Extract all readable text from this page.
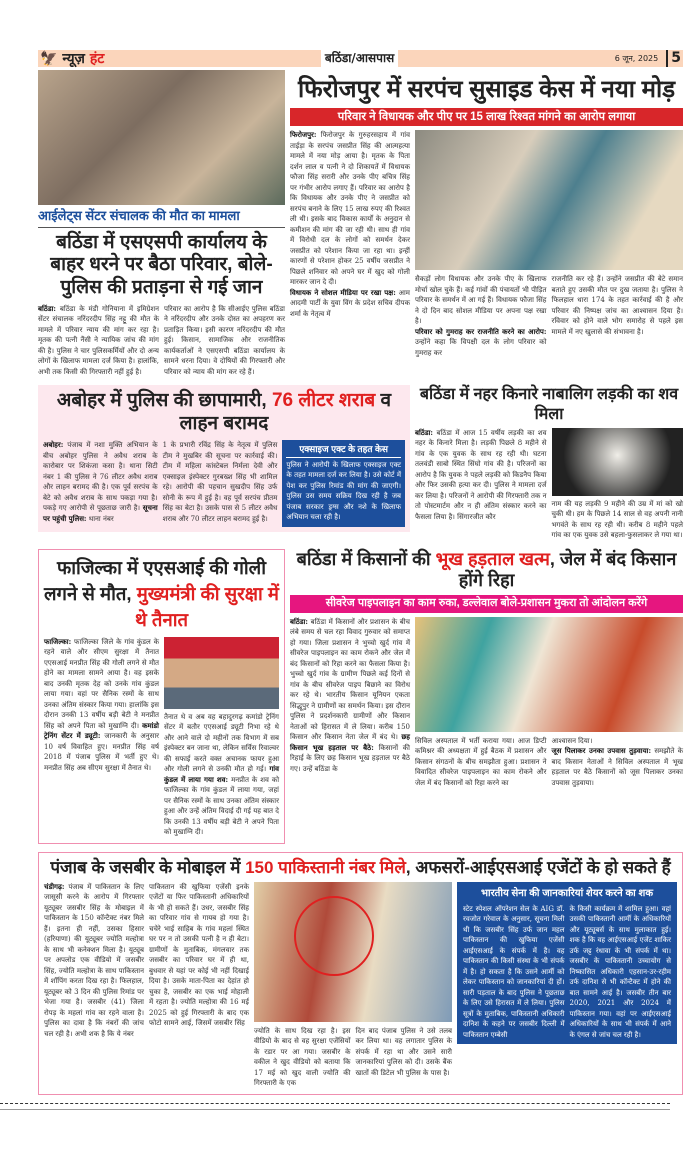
🦅 न्यूज़ हंट	बठिंडा/आसपास	6 जून, 2025 5
आईलेट्स सेंटर संचालक की मौत का मामला
बठिंडा में एसएसपी कार्यालय के बाहर धरने पर बैठा परिवार, बोले-पुलिस की प्रताड़ना से गई जान
बठिंडा: बठिंडा के मंडी गोनियाना में इमिग्रेशन सेंटर संचालक नरिंदरदीप सिंह नट्टू की मौत के मामले में परिवार न्याय की मांग कर रहा है। मृतक की पत्नी नैंसी ने न्यायिक जांच की मांग की है। पुलिस ने चार पुलिसकर्मियों और दो अन्य लोगों के खिलाफ मामला दर्ज किया है। हालांकि, अभी तक किसी की गिरफ्तारी नहीं हुई है।
परिवार का आरोप है कि सीआईए पुलिस बठिंडा ने नरिंदरदीप और उनके दोस्त का अपहरण कर प्रताड़ित किया। इसी कारण नरिंदरदीप की मौत हुई। किसान, सामाजिक और राजनीतिक कार्यकर्ताओं ने एसएसपी बठिंडा कार्यालय के सामने धरना दिया। वे दोषियों की गिरफ्तारी और परिवार को न्याय की मांग कर रहे हैं।
फिरोजपुर में सरपंच सुसाइड केस में नया मोड़
परिवार ने विधायक और पीए पर 15 लाख रिश्वत मांगने का आरोप लगाया
फिरोजपुर: फिरोजपुर के गुरुहरसहाय में गांव ताईड़ा के सरपंच जसप्रीत सिंह की आत्महत्या मामले में नया मोड़ आया है। मृतक के पिता दर्शन लाल व पत्नी ने दो शिकायतें में विधायक फौजा सिंह सरारी और उनके पीए बचित्र सिंह पर गंभीर आरोप लगाए हैं। परिवार का आरोप है कि विधायक और उनके पीए ने जसप्रीत को सरपंच बनाने के लिए 15 लाख रुपए की रिश्वत ली थी। इसके बाद विकास कार्यों के अनुदान से कमीशन की मांग की जा रही थी। साथ ही गांव में विरोधी दल के लोगों को समर्थन देकर जसप्रीत को परेशान किया जा रहा था। इन्हीं कारणों से परेशान होकर 25 वर्षीय जसप्रीत ने पिछले शनिवार को अपने घर में खुद को गोली मारकर जान दे दी।
विधायक ने सोशल मीडिया पर रखा पक्ष: आम आदमी पार्टी के युवा विंग के प्रदेश सचिव दीपक शर्मा के नेतृत्व में
सैकड़ों लोग विधायक और उनके पीए के खिलाफ मोर्चा खोल चुके हैं। कई गांवों की पंचायतों भी पीड़ित परिवार के समर्थन में आ गई हैं। विधायक फौजा सिंह ने दो दिन बाद सोशल मीडिया पर अपना पक्ष रखा है।
परिवार को गुमराह कर राजनीति करने का आरोप: उन्होंने कहा कि विपक्षी दल के लोग परिवार को गुमराह कर
राजनीति कर रहे हैं। उन्होंने जसप्रीत की बेटे समान बताते हुए उसकी मौत पर दुख जताया है। पुलिस ने फिलहाल धारा 174 के तहत कार्रवाई की है और परिवार की निष्पक्ष जांच का आश्वासन दिया है। रविवार को होने वाले भोग समारोह से पहले इस मामले में नए खुलासे की संभावना है।
अबोहर में पुलिस की छापामारी, 76 लीटर शराब व लाहन बरामद
अबोहर: पंजाब में नशा मुक्ति अभियान के बीच अबोहर पुलिस ने अवैध शराब के कारोबार पर शिकंजा कसा है। थाना सिटी नंबर 1 की पुलिस ने 76 लीटर अवैध शराब और लाहन बरामद की है। एक पूर्व सरपंच के बेटे को अवैध शराब के साथ पकड़ा गया है। पकड़े गए आरोपी से पूछताछ जारी है। सूचना पर पहुंची पुलिस: थाना नंबर
1 के प्रभारी रविंद्र सिंह के नेतृत्व में पुलिस टीम ने मुखबिर की सूचना पर कार्रवाई की। टीम में महिला कांस्टेबल निर्मला देवी और एक्साइज इंस्पेक्टर गुरबख्श सिंह भी शामिल रहे। आरोपी की पहचान सुखदीप सिंह उर्फ सोनी के रूप में हुई है। वह पूर्व सरपंच प्रीतम सिंह का बेटा है। उसके पास से 5 लीटर अवैध शराब और 70 लीटर लाहन बरामद हुई है।
एक्साइज एक्ट के तहत केस
पुलिस ने आरोपी के खिलाफ एक्साइज एक्ट के तहत मामला दर्ज कर लिया है। उसे कोर्ट में पेश कर पुलिस रिमांड की मांग की जाएगी। पुलिस उस समय सक्रिय दिख रही है जब पंजाब सरकार ड्रग्स और नशे के खिलाफ अभियान चला रही है।
बठिंडा में नहर किनारे नाबालिग लड़की का शव मिला
बठिंडा: बठिंडा में आज 15 वर्षीय लड़की का शव नहर के किनारे मिला है। लड़की पिछले 8 महीने से गांव के एक युवक के साथ रह रही थी। घटना तलवंडी साबो स्थित सिंघो गांव की है। परिजनों का आरोप है कि युवक ने पहले लड़की को किडनैप किया और फिर उसकी हत्या कर दी। पुलिस ने मामला दर्ज कर लिया है। परिजनों ने आरोपी की गिरफ्तारी तक न तो पोस्टमार्टम और न ही अंतिम संस्कार करने का फैसला लिया है। सिंगारजीत कौर
नाम की यह लड़की 9 महीने की उम्र में मां को खो चुकी थी। हम के पिछले 14 साल से वह अपनी नानी भगवंते के साथ रह रही थी। करीब 8 महीने पहले गांव का एक युवक उसे बहला-फुसलाकर ले गया था।
फाजिल्का में एएसआई की गोली लगने से मौत, मुख्यमंत्री की सुरक्षा में थे तैनात
फाजिल्का: फाजिल्का जिले के गांव कुंडल के रहने वाले और सीएम सुरक्षा में तैनात एएसआई मनप्रीत सिंह की गोली लगने से मौत होने का मामला सामने आया है। वह इसके बाद उनकी मृतक देह को उनके गांव कुंडल लाया गया। वहां पर सैनिक रस्मों के साथ उनका अंतिम संस्कार किया गया। हालांकि इस दौरान उनकी 13 वर्षीय बड़ी बेटी ने मनप्रीत सिंह को अपने पिता को मुखाग्नि दी। कमांडो ट्रेनिंग सेंटर में ड्यूटी: जानकारी के अनुसार 10 वर्ष विवाहित हुए। मनप्रीत सिंह वर्ष 2018 में पंजाब पुलिस में भर्ती हुए थे। मनप्रीत सिंह अब सीएम सुरक्षा में तैनात थे।
तैनात थे व अब वह बहादुरगढ़ कमांडो ट्रेनिंग सेंटर में बतौर एएसआई ड्यूटी निभा रहे थे और आने वाले दो महीनों तक विभाग में सब इंस्पेक्टर बन जाना था, लेकिन सर्विस रिवाल्वर की सफाई करते वक्त अचानक फायर हुआ और गोली लगने से उनकी मौत हो गई। गांव कुंडल में लाया गया शव: मनप्रीत के शव को फाजिल्का के गांव कुंडल में लाया गया, जहां पर सैनिक रस्मों के साथ उनका अंतिम संस्कार हुआ और उन्हें अंतिम विदाई दी गई यह बात दे कि उनकी 13 वर्षीय बड़ी बेटी ने अपने पिता को मुखाग्नि दी।
बठिंडा में किसानों की भूख हड़ताल खत्म, जेल में बंद किसान होंगे रिहा
सीवरेज पाइपलाइन का काम रुका, डल्लेवाल बोले-प्रशासन मुकरा तो आंदोलन करेंगे
बठिंडा: बठिंडा में किसानों और प्रशासन के बीच लंबे समय से चल रहा विवाद गुरुवार को समाप्त हो गया। जिला प्रशासन ने भुच्चो खुर्द गांव में सीवरेज पाइपलाइन का काम रोकने और जेल में बंद किसानों को रिहा करने का फैसला किया है। भुच्चो खुर्द गांव के ग्रामीण पिछले कई दिनों से गांव के बीच सीवरेज पाइप बिछाने का विरोध कर रहे थे। भारतीय किसान यूनियन एकता सिद्धूपुर ने ग्रामीणों का समर्थन किया। इस दौरान पुलिस ने प्रदर्शनकारी ग्रामीणों और किसान नेताओं को हिरासत में ले लिया। करीब 150 किसान और किसान नेता जेल में बंद थे। छह किसान भूख हड़ताल पर बैठे: किसानों की रिहाई के लिए छह किसान भूख हड़ताल पर बैठे गए। उन्हें बठिंडा के
सिविल अस्पताल में भर्ती कराया गया। आज डिप्टी कमिश्नर की अध्यक्षता में हुई बैठक में प्रशासन और किसान संगठनों के बीच समझौता हुआ। प्रशासन ने विवादित सीवरेज पाइपलाइन का काम रोकने और जेल में बंद किसानों को रिहा करने का
आश्वासन दिया।
जूस पिलाकर उनका उपवास तुड़वाया: समझौते के बाद किसान नेताओं ने सिविल अस्पताल में भूख हड़ताल पर बैठे किसानों को जूस पिलाकर उनका उपवास तुड़वाया।
पंजाब के जसबीर के मोबाइल में 150 पाकिस्तानी नंबर मिले, अफसरों-आईएसआई एजेंटों के हो सकते हैं
चंडीगढ़: पंजाब में पाकिस्तान के लिए जासूसी करने के आरोप में गिरफ्तार यूट्यूबर जसबीर सिंह के मोबाइल में पाकिस्तान के 150 कॉन्टैक्ट नंबर मिले हैं। इतना ही नहीं, उसका हिसार (हरियाणा) की यूट्यूबर ज्योति मल्होत्रा के साथ भी कनेक्शन मिला है। यूट्यूब पर अपलोड एक वीडियो में जसबीर सिंह, ज्योति मल्होत्रा के साथ पाकिस्तान में शॉपिंग करता दिख रहा है। फिलहाल, यूट्यूबर को 3 दिन की पुलिस रिमांड पर भेजा गया है। जसबीर (41) जिला रोपड़ के महलां गांव का रहने वाला है। पुलिस का दावा है कि नंबरों की जांच चल रही है। अभी शक है कि ये नंबर
पाकिस्तान की खुफिया एजेंसी इनके एजेंटों या फिर पाकिस्तानी अधिकारियों के भी हो सकते हैं। उधर, जसबीर सिंह का परिवार गांव से गायब हो गया है। चचेरे भाई साहिब के गांव महलां स्थित घर पर न तो उसकी पत्नी है न ही बेटा। ग्रामीणों के मुताबिक, मंगलवार तक जसबीर का परिवार घर में ही था, बुधवार से यहां पर कोई भी नहीं दिखाई दिया है। उसके माता-पिता का देहांत हो चुका है, जसबीर का एक भाई मोहाली में रहता है। ज्योति मल्होत्रा की 16 मई 2025 को हुई गिरफ्तारी के बाद एक फोटो सामने आई, जिसमें जसबीर सिंह
ज्योति के साथ दिख रहा है। इस वीडियो के बाद से वह सुरक्षा एजेंसियों के रडार पर आ गया। जसबीर के वकील ने खुद वीडियो को बताया कि 17 मई को खुद वाली ज्योति की गिरफ्तारी के एक
दिन बाद पंजाब पुलिस ने उसे तलब कर लिया था। वह लगातार पुलिस के संपर्क में रहा था और उसने सारी जानकारियां पुलिस को दी। उसके बैंक खातों की डिटेल भी पुलिस के पास है।
भारतीय सेना की जानकारियां शेयर करने का शक
स्टेट स्पेशल ऑपरेशन सेल के AIG डॉ. रवजोत गरेवाल के अनुसार, सूचना मिली थी कि जसबीर सिंह उर्फ जान महल पाकिस्तान की खुफिया एजेंसी आईएसआई के संपर्क में है। वह पाकिस्तान की किसी संस्था के भी संपर्क में है। हो सकता है कि उसने आर्मी को लेकर पाकिस्तान को जानकारियां दी हों। सारी पड़ताल के बाद पुलिस ने पूछताछ के लिए उसे हिरासत में ले लिया। पुलिस सूत्रों के मुताबिक, पाकिस्तानी अधिकारी दानिश के कहने पर जसबीर दिल्ली में पाकिस्तान एम्बेसी
के किसी कार्यक्रम में शामिल हुआ। वहां उसकी पाकिस्तानी आर्मी के अधिकारियों और यूट्यूबर्स के साथ मुलाकात हुई। शक है कि वह आईएसआई एजेंट शाकिर उर्फ जट्ट रंधावा के भी संपर्क में था। जसबीर के पाकिस्तानी उच्चायोग से निष्कासित अधिकारी एहसान-उर-रहीम उर्फ दानिश से भी कॉन्टैक्ट में होने की बात सामने आई है। जसबीर तीन बार 2020, 2021 और 2024 में पाकिस्तान गया। वहां पर आईएसआई अधिकारियों के साथ भी संपर्क में आने के एंगल से जांच चल रही है।
